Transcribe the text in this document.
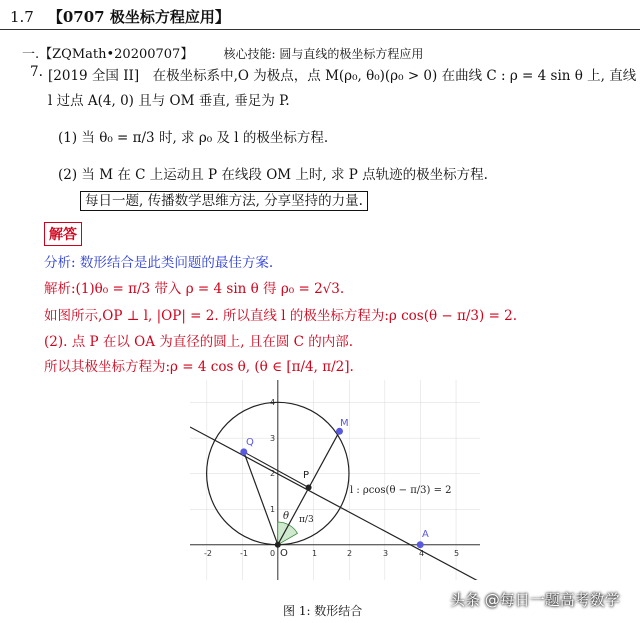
1.7 【0707 极坐标方程应用】
一.【ZQMath•20200707】	核心技能: 圆与直线的极坐标方程应用
7. [2019 全国 II]　在极坐标系中,O 为极点，点 M(ρ₀, θ₀)(ρ₀ > 0) 在曲线 C : ρ = 4 sin θ 上, 直线
l 过点 A(4, 0) 且与 OM 垂直, 垂足为 P.
(1) 当 θ₀ = π/3 时, 求 ρ₀ 及 l 的极坐标方程.
(2) 当 M 在 C 上运动且 P 在线段 OM 上时, 求 P 点轨迹的极坐标方程.
每日一题, 传播数学思维方法, 分享坚持的力量.
解答
分析: 数形结合是此类问题的最佳方案.
解析:(1)θ₀ = π/3 带入 ρ = 4 sin θ 得 ρ₀ = 2√3.
如图所示,OP ⊥ l, |OP| = 2. 所以直线 l 的极坐标方程为:ρ cos(θ − π/3) = 2.
(2). 点 P 在以 OA 为直径的圆上, 且在圆 C 的内部.
所以其极坐标方程为:ρ = 4 cos θ, (θ ∈ [π/4, π/2].
-2	-1	0	1	2	3	4	5
1
2
3
4
Q
M
P
A
O
θ π/3
l : ρcos(θ − π/3) = 2
图 1: 数形结合
头条 @每日一题高考数学
